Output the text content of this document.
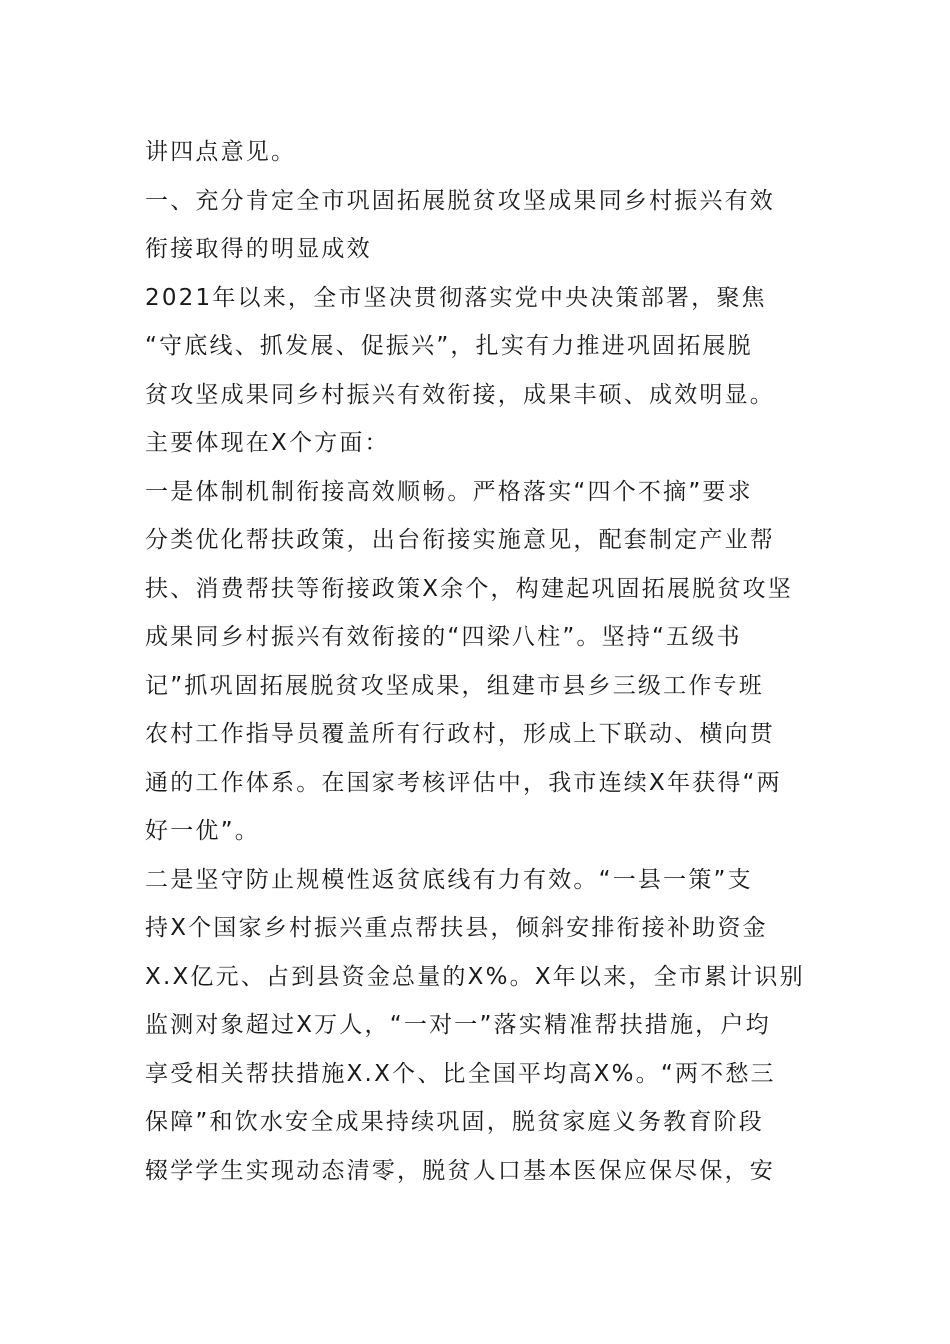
讲四点意见。
一、充分肯定全市巩固拓展脱贫攻坚成果同乡村振兴有效
衔接取得的明显成效
2021年以来，全市坚决贯彻落实党中央决策部署，聚焦
“守底线、抓发展、促振兴”，扎实有力推进巩固拓展脱
贫攻坚成果同乡村振兴有效衔接，成果丰硕、成效明显。
主要体现在X个方面：
一是体制机制衔接高效顺畅。严格落实“四个不摘”要求
分类优化帮扶政策，出台衔接实施意见，配套制定产业帮
扶、消费帮扶等衔接政策X余个，构建起巩固拓展脱贫攻坚
成果同乡村振兴有效衔接的“四梁八柱”。坚持“五级书
记”抓巩固拓展脱贫攻坚成果，组建市县乡三级工作专班
农村工作指导员覆盖所有行政村，形成上下联动、横向贯
通的工作体系。在国家考核评估中，我市连续X年获得“两
好一优”。
二是坚守防止规模性返贫底线有力有效。“一县一策”支
持X个国家乡村振兴重点帮扶县，倾斜安排衔接补助资金
X.X亿元、占到县资金总量的X%。X年以来，全市累计识别
监测对象超过X万人，“一对一”落实精准帮扶措施，户均
享受相关帮扶措施X.X个、比全国平均高X%。“两不愁三
保障”和饮水安全成果持续巩固，脱贫家庭义务教育阶段
辍学学生实现动态清零，脱贫人口基本医保应保尽保，安
